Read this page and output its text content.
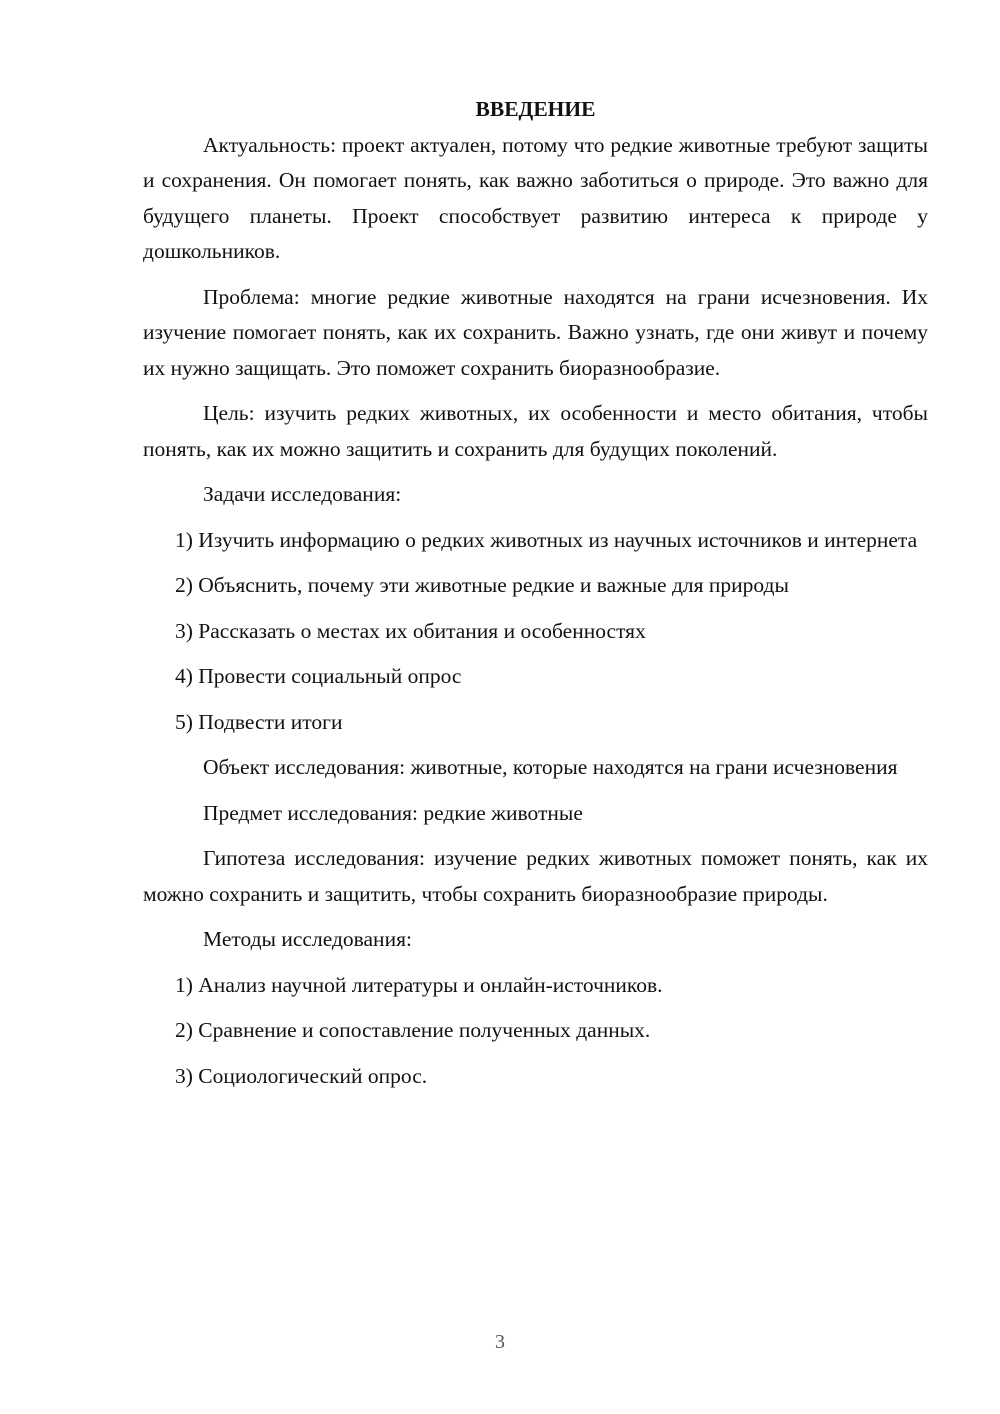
ВВЕДЕНИЕ

Актуальность: проект актуален, потому что редкие животные требуют защиты и сохранения. Он помогает понять, как важно заботиться о природе. Это важно для будущего планеты. Проект способствует развитию интереса к природе у дошкольников.

Проблема: многие редкие животные находятся на грани исчезновения. Их изучение помогает понять, как их сохранить. Важно узнать, где они живут и почему их нужно защищать. Это поможет сохранить биоразнообразие.

Цель: изучить редких животных, их особенности и место обитания, чтобы понять, как их можно защитить и сохранить для будущих поколений.

Задачи исследования:

1) Изучить информацию о редких животных из научных источников и интернета

2) Объяснить, почему эти животные редкие и важные для природы

3) Рассказать о местах их обитания и особенностях

4) Провести социальный опрос

5) Подвести итоги

Объект исследования: животные, которые находятся на грани исчезновения

Предмет исследования: редкие животные

Гипотеза исследования: изучение редких животных поможет понять, как их можно сохранить и защитить, чтобы сохранить биоразнообразие природы.

Методы исследования:

1) Анализ научной литературы и онлайн-источников.

2) Сравнение и сопоставление полученных данных.

3) Социологический опрос.

3
